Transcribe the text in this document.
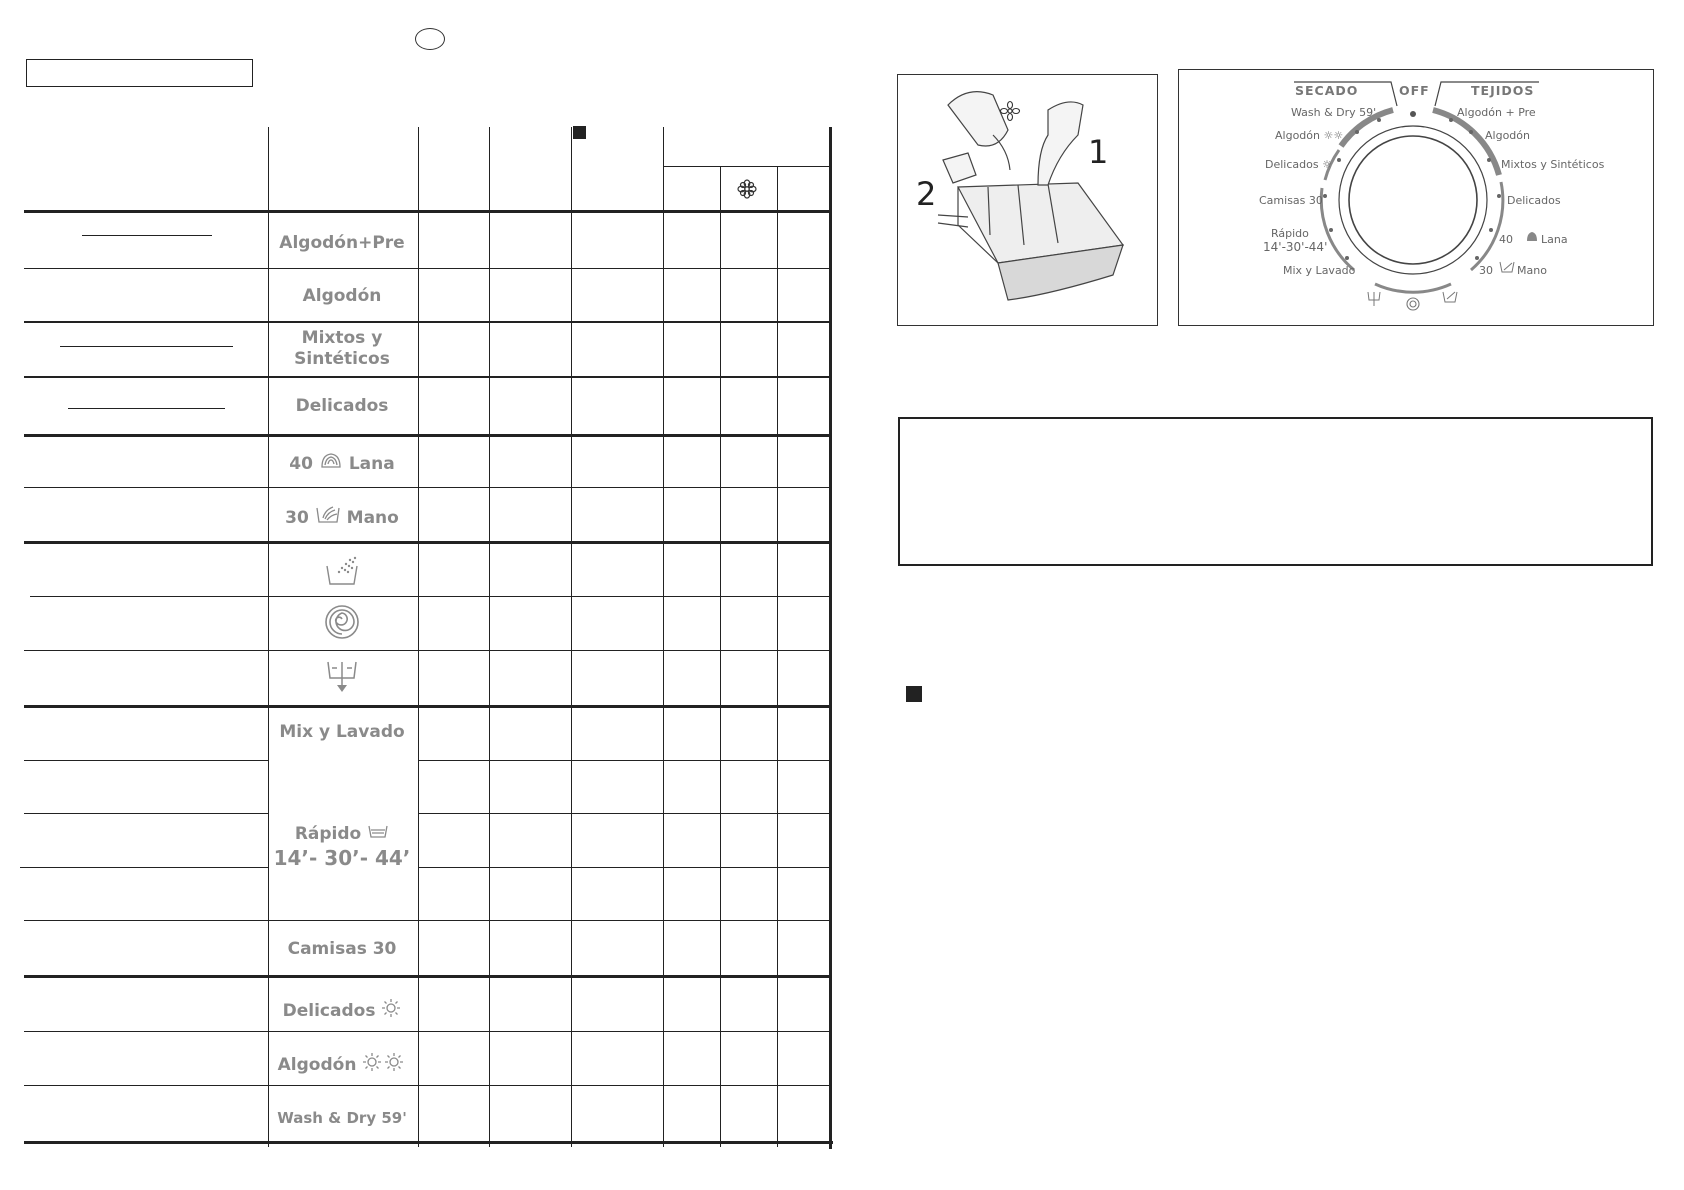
Algodón+Pre
Algodón
Mixtos y
Sintéticos
Delicados
40 Lana
30 Mano
Mix y Lavado
Rápido
14’- 30’- 44’
Camisas 30
Delicados
Algodón
Wash & Dry 59'
1
2
SECADO	OFF	TEJIDOS
Wash & Dry 59'
Algodón ☼☼
Delicados ☼
Camisas 30
Rápido
14'-30'-44'
Mix y Lavado
Algodón + Pre
Algodón
Mixtos y Sintéticos
Delicados
40	Lana
30 Mano
